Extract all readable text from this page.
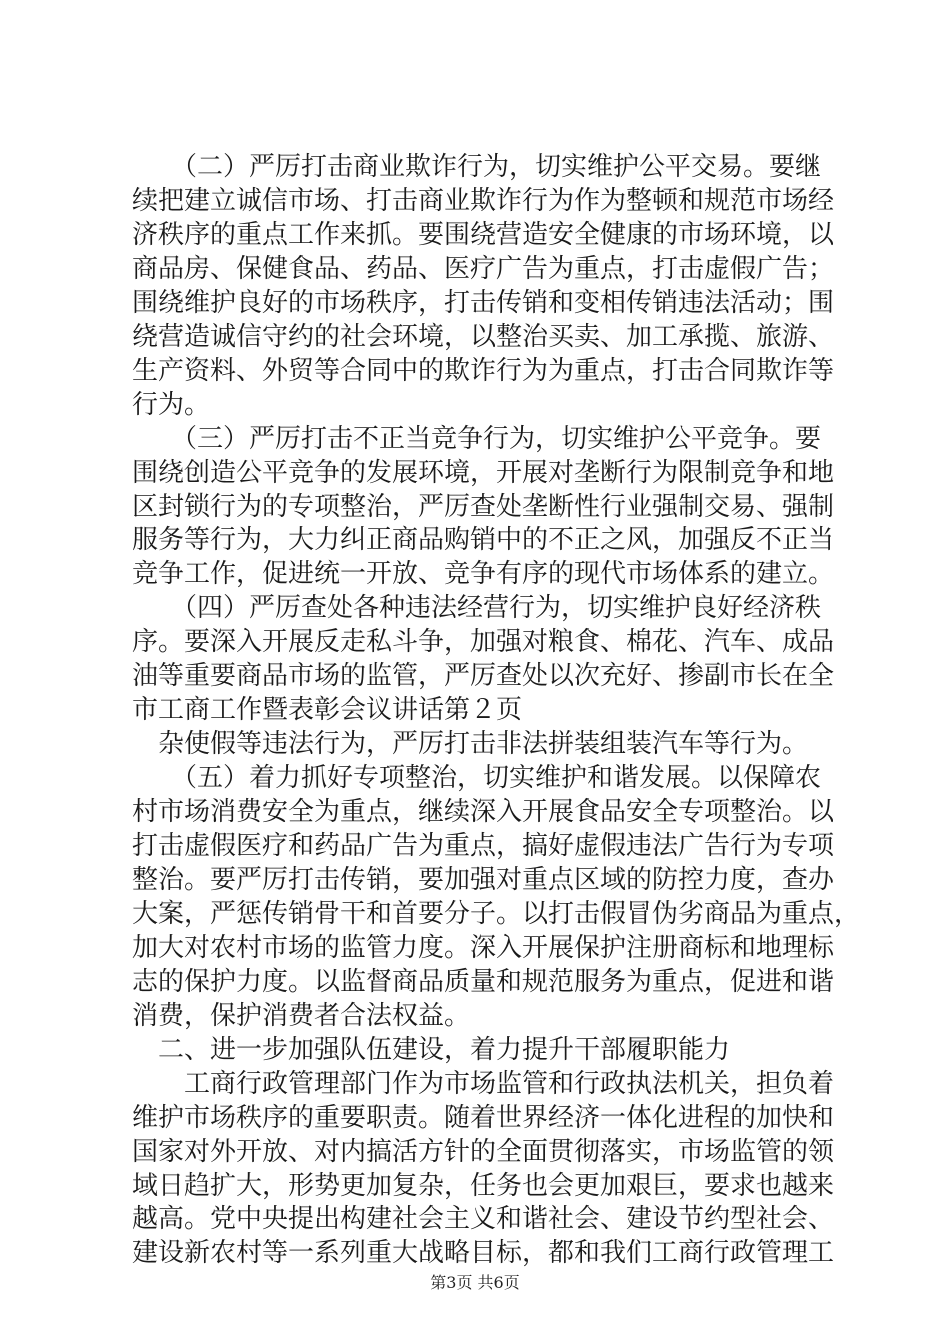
　　（二）严厉打击商业欺诈行为，切实维护公平交易。要继
续把建立诚信市场、打击商业欺诈行为作为整顿和规范市场经
济秩序的重点工作来抓。要围绕营造安全健康的市场环境，以
商品房、保健食品、药品、医疗广告为重点，打击虚假广告；
围绕维护良好的市场秩序，打击传销和变相传销违法活动；围
绕营造诚信守约的社会环境，以整治买卖、加工承揽、旅游、
生产资料、外贸等合同中的欺诈行为为重点，打击合同欺诈等
行为。
　　（三）严厉打击不正当竞争行为，切实维护公平竞争。要
围绕创造公平竞争的发展环境，开展对垄断行为限制竞争和地
区封锁行为的专项整治，严厉查处垄断性行业强制交易、强制
服务等行为，大力纠正商品购销中的不正之风，加强反不正当
竞争工作，促进统一开放、竞争有序的现代市场体系的建立。
　　（四）严厉查处各种违法经营行为，切实维护良好经济秩
序。要深入开展反走私斗争，加强对粮食、棉花、汽车、成品
油等重要商品市场的监管，严厉查处以次充好、掺副市长在全
市工商工作暨表彰会议讲话第２页
　杂使假等违法行为，严厉打击非法拼装组装汽车等行为。
　　（五）着力抓好专项整治，切实维护和谐发展。以保障农
村市场消费安全为重点，继续深入开展食品安全专项整治。以
打击虚假医疗和药品广告为重点，搞好虚假违法广告行为专项
整治。要严厉打击传销，要加强对重点区域的防控力度，查办
大案，严惩传销骨干和首要分子。以打击假冒伪劣商品为重点，
加大对农村市场的监管力度。深入开展保护注册商标和地理标
志的保护力度。以监督商品质量和规范服务为重点，促进和谐
消费，保护消费者合法权益。
　二、进一步加强队伍建设，着力提升干部履职能力
　　工商行政管理部门作为市场监管和行政执法机关，担负着
维护市场秩序的重要职责。随着世界经济一体化进程的加快和
国家对外开放、对内搞活方针的全面贯彻落实，市场监管的领
域日趋扩大，形势更加复杂，任务也会更加艰巨，要求也越来
越高。党中央提出构建社会主义和谐社会、建设节约型社会、
建设新农村等一系列重大战略目标，都和我们工商行政管理工
第3页 共6页
